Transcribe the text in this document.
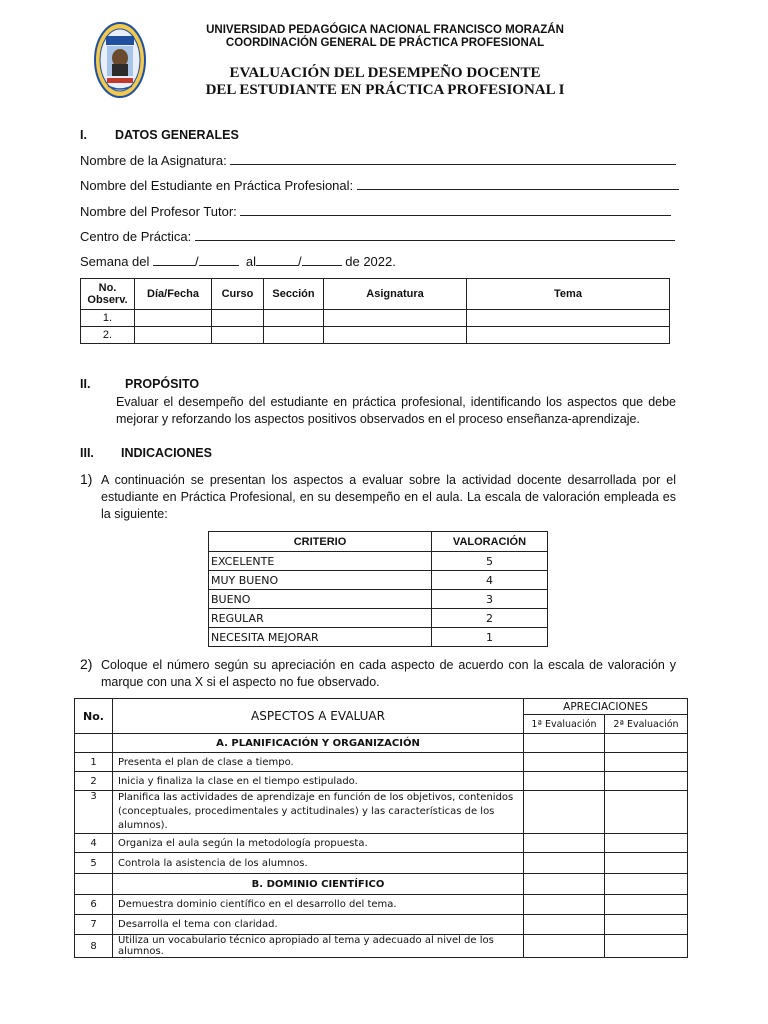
UNIVERSIDAD PEDAGÓGICA NACIONAL FRANCISCO MORAZÁN
COORDINACIÓN GENERAL DE PRÁCTICA PROFESIONAL
EVALUACIÓN DEL DESEMPEÑO DOCENTE
DEL ESTUDIANTE EN PRÁCTICA PROFESIONAL I
I. DATOS GENERALES
Nombre de la Asignatura:
Nombre del Estudiante en Práctica Profesional:
Nombre del Profesor Tutor:
Centro de Práctica:
Semana del	/	al	/	de 2022.
No. Observ.	Día/Fecha	Curso	Sección	Asignatura	Tema
1.					
2.					
II.	PROPÓSITO
Evaluar el desempeño del estudiante en práctica profesional, identificando los aspectos que debe mejorar y reforzando los aspectos positivos observados en el proceso enseñanza-aprendizaje.
III. INDICACIONES
1) A continuación se presentan los aspectos a evaluar sobre la actividad docente desarrollada por el estudiante en Práctica Profesional, en su desempeño en el aula. La escala de valoración empleada es la siguiente:
CRITERIO	VALORACIÓN
EXCELENTE	5
MUY BUENO	4
BUENO	3
REGULAR	2
NECESITA MEJORAR	1
2) Coloque el número según su apreciación en cada aspecto de acuerdo con la escala de valoración y marque con una X si el aspecto no fue observado.
No.	ASPECTOS A EVALUAR	APRECIACIONES	
		1ª Evaluación	2ª Evaluación
	A. PLANIFICACIÓN Y ORGANIZACIÓN		
1	Presenta el plan de clase a tiempo.		
2	Inicia y finaliza la clase en el tiempo estipulado.		
3	Planifica las actividades de aprendizaje en función de los objetivos, contenidos (conceptuales, procedimentales y actitudinales) y las características de los alumnos).		
4	Organiza el aula según la metodología propuesta.		
5	Controla la asistencia de los alumnos.		
	B. DOMINIO CIENTÍFICO		
6	Demuestra dominio científico en el desarrollo del tema.		
7	Desarrolla el tema con claridad.		
8	Utiliza un vocabulario técnico apropiado al tema y adecuado al nivel de los alumnos.		
